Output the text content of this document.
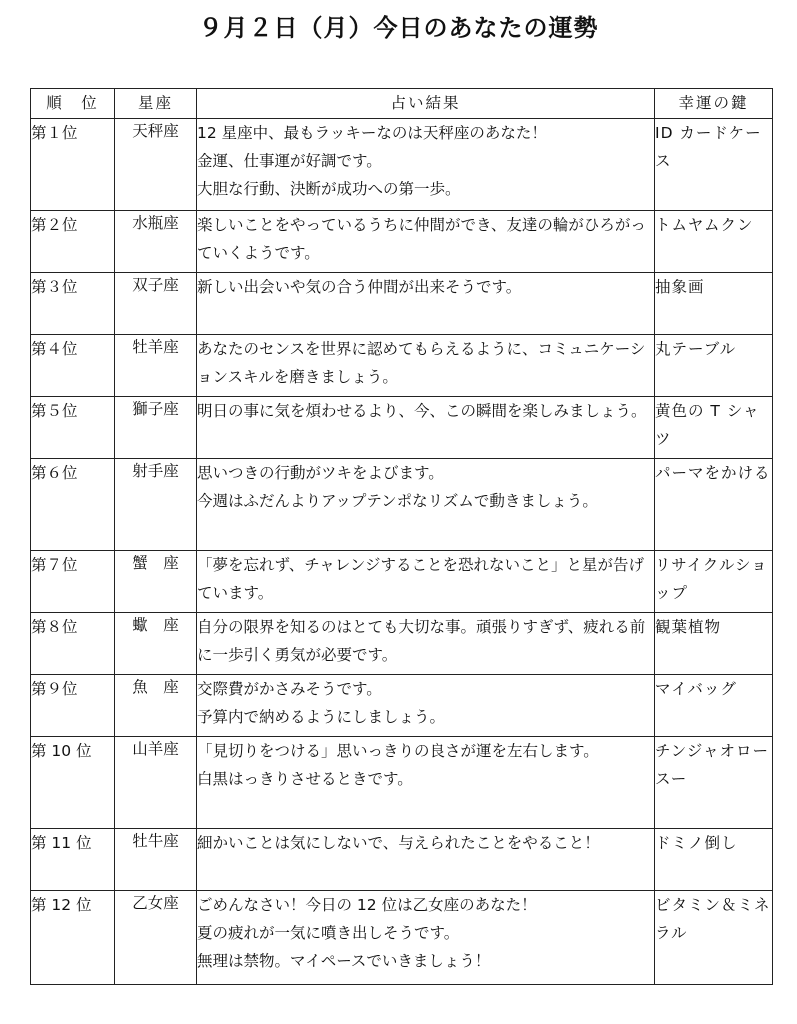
９月２日（月）今日のあなたの運勢
順　位	星座	占い結果	幸運の鍵
第１位	天秤座	12 星座中、最もラッキーなのは天秤座のあなた！
金運、仕事運が好調です。
大胆な行動、決断が成功への第一歩。	ID カードケース
第２位	水瓶座	楽しいことをやっているうちに仲間ができ、友達の輪がひろがっていくようです。	トムヤムクン
第３位	双子座	新しい出会いや気の合う仲間が出来そうです。	抽象画
第４位	牡羊座	あなたのセンスを世界に認めてもらえるように、コミュニケーションスキルを磨きましょう。	丸テーブル
第５位	獅子座	明日の事に気を煩わせるより、今、この瞬間を楽しみましょう。	黄色の T シャツ
第６位	射手座	思いつきの行動がツキをよびます。
今週はふだんよりアップテンポなリズムで動きましょう。	パーマをかける
第７位	蟹　座	「夢を忘れず、チャレンジすることを恐れないこと」と星が告げています。	リサイクルショップ
第８位	蠍　座	自分の限界を知るのはとても大切な事。頑張りすぎず、疲れる前に一歩引く勇気が必要です。	観葉植物
第９位	魚　座	交際費がかさみそうです。
予算内で納めるようにしましょう。	マイバッグ
第 10 位	山羊座	「見切りをつける」思いっきりの良さが運を左右します。
白黒はっきりさせるときです。	チンジャオロースー
第 11 位	牡牛座	細かいことは気にしないで、与えられたことをやること！	ドミノ倒し
第 12 位	乙女座	ごめんなさい！今日の 12 位は乙女座のあなた！
夏の疲れが一気に噴き出しそうです。
無理は禁物。マイペースでいきましょう！	ビタミン＆ミネラル
